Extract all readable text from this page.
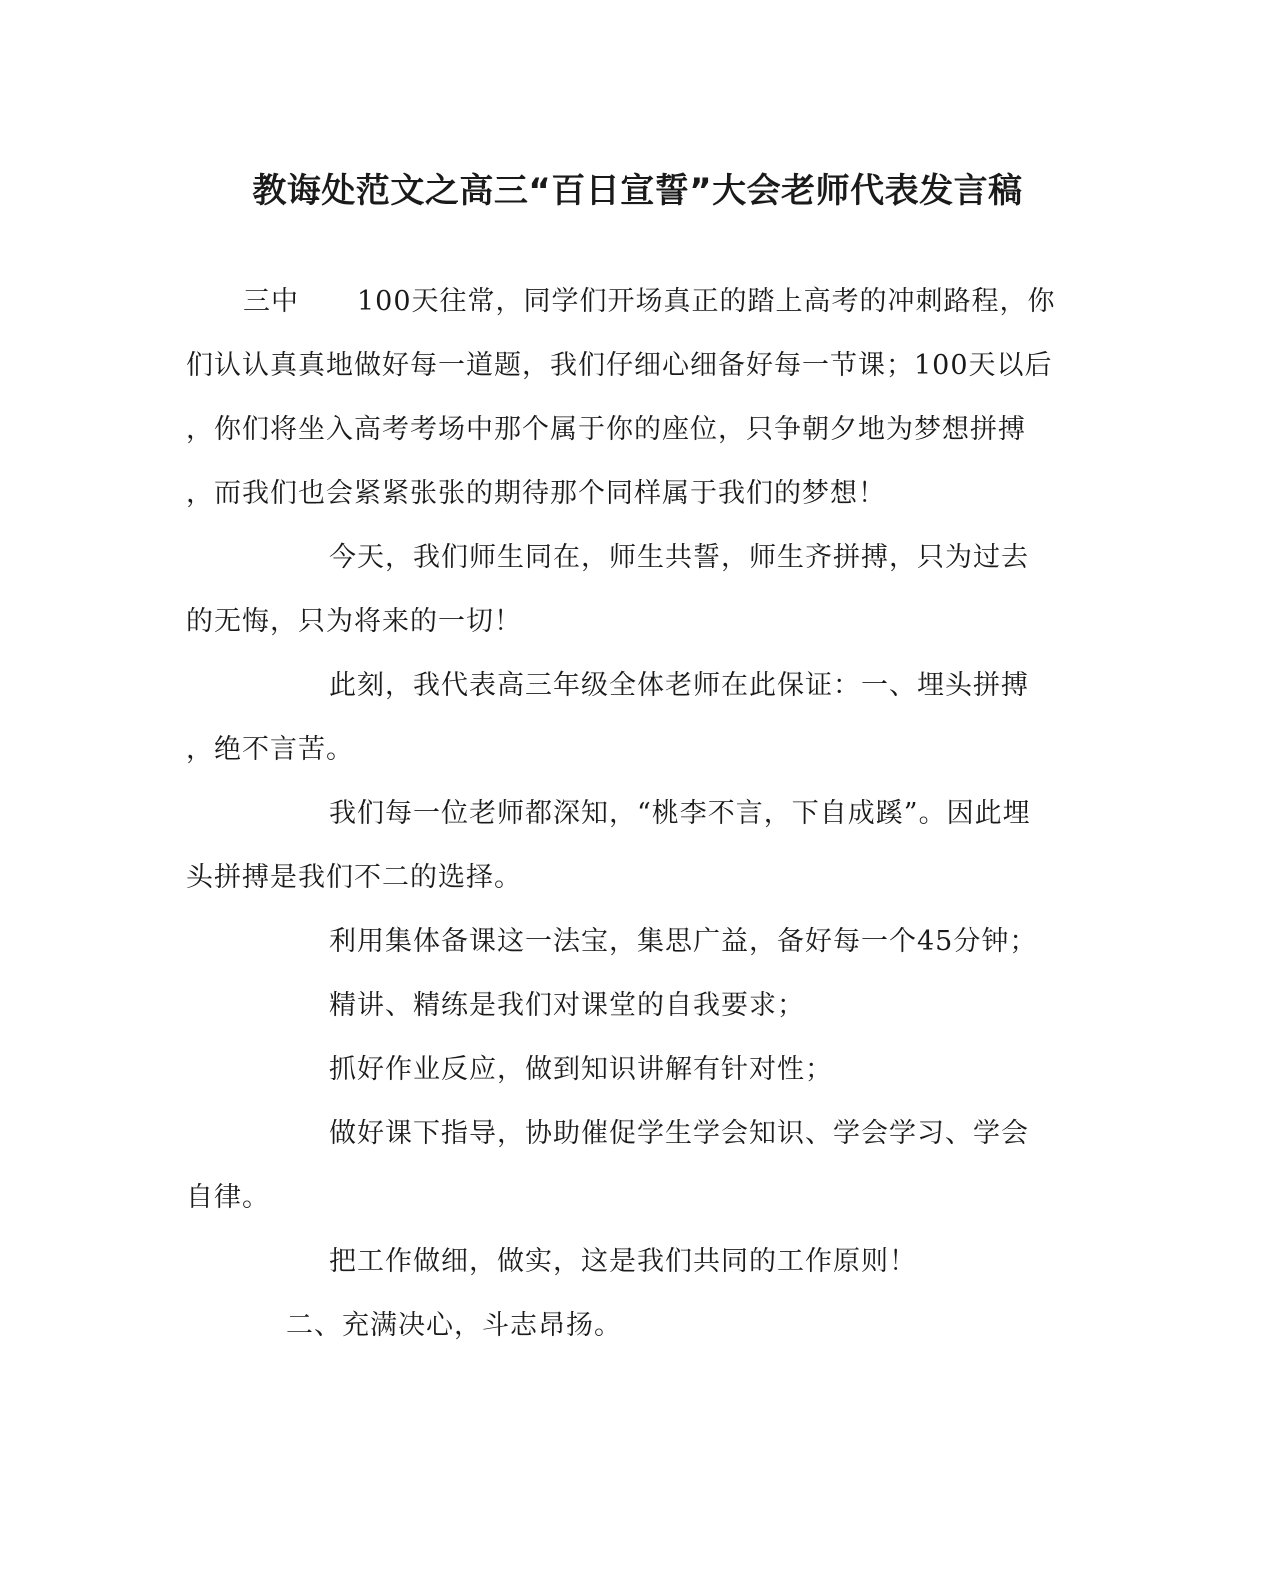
教诲处范文之高三“百日宣誓”大会老师代表发言稿
三中 100天往常，同学们开场真正的踏上高考的冲刺路程，你
们认认真真地做好每一道题，我们仔细心细备好每一节课；100天以后
，你们将坐入高考考场中那个属于你的座位，只争朝夕地为梦想拼搏
，而我们也会紧紧张张的期待那个同样属于我们的梦想！
今天，我们师生同在，师生共誓，师生齐拼搏，只为过去
的无悔，只为将来的一切！
此刻，我代表高三年级全体老师在此保证：一、埋头拼搏
，绝不言苦。
我们每一位老师都深知，“桃李不言，下自成蹊”。因此埋
头拼搏是我们不二的选择。
利用集体备课这一法宝，集思广益，备好每一个45分钟；
精讲、精练是我们对课堂的自我要求；
抓好作业反应，做到知识讲解有针对性；
做好课下指导，协助催促学生学会知识、学会学习、学会
自律。
把工作做细，做实，这是我们共同的工作原则！
二、充满决心，斗志昂扬。
